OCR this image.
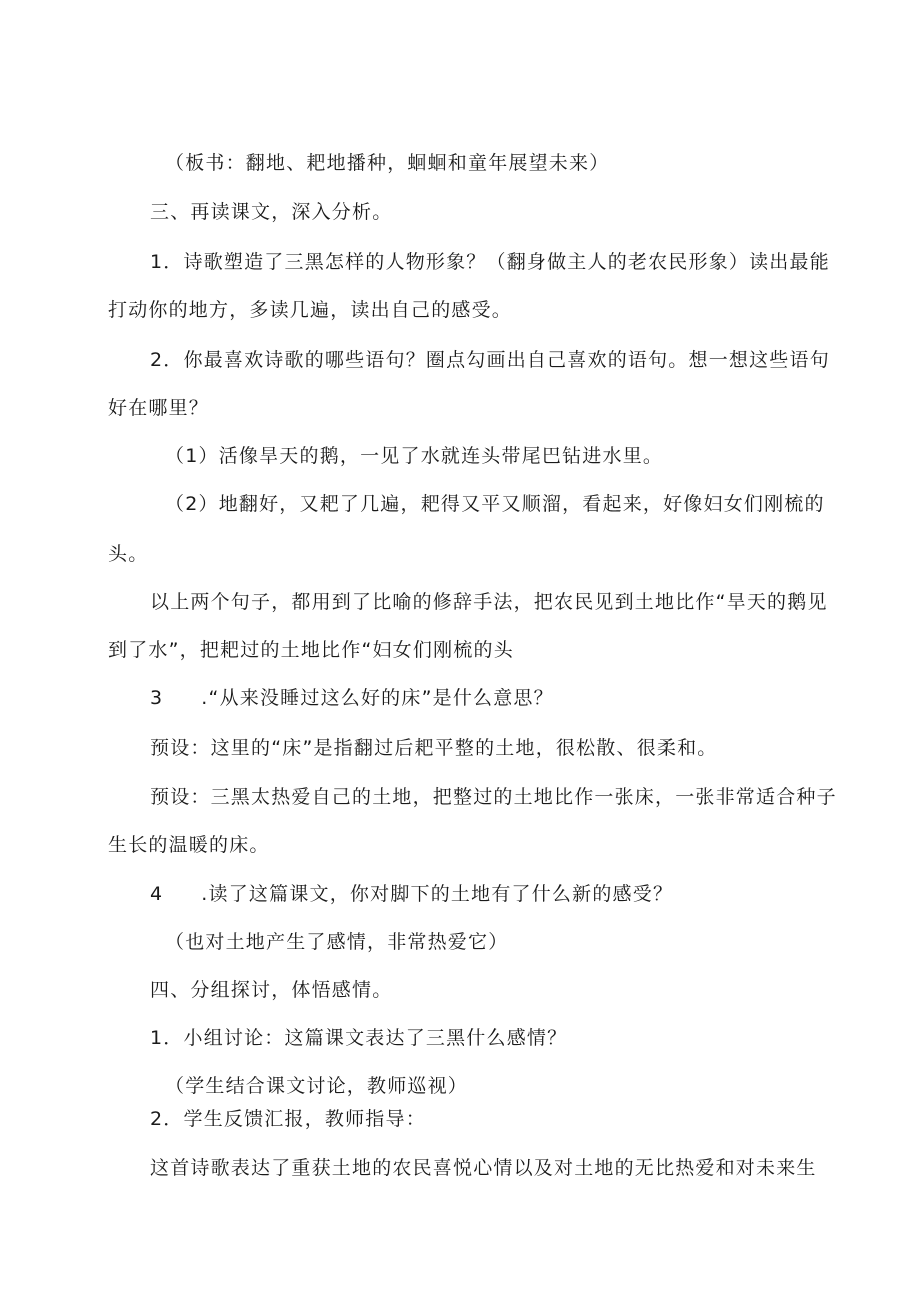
（板书：翻地、耙地播种，蛔蛔和童年展望未来）
三、再读课文，深入分析。
1．诗歌塑造了三黑怎样的人物形象？（翻身做主人的老农民形象）读出最能
打动你的地方，多读几遍，读出自己的感受。
2．你最喜欢诗歌的哪些语句？圈点勾画出自己喜欢的语句。想一想这些语句
好在哪里？
（1）活像旱天的鹅，一见了水就连头带尾巴钻进水里。
（2）地翻好，又耙了几遍，耙得又平又顺溜，看起来，好像妇女们刚梳的
头。
以上两个句子，都用到了比喻的修辞手法，把农民见到土地比作“旱天的鹅见
到了水”，把耙过的土地比作“妇女们刚梳的头
3 .“从来没睡过这么好的床”是什么意思？
预设：这里的“床”是指翻过后耙平整的土地，很松散、很柔和。
预设：三黑太热爱自己的土地，把整过的土地比作一张床，一张非常适合种子
生长的温暖的床。
4 .读了这篇课文，你对脚下的土地有了什么新的感受？
（也对土地产生了感情，非常热爱它）
四、分组探讨，体悟感情。
1．小组讨论：这篇课文表达了三黑什么感情？
（学生结合课文讨论，教师巡视）
2．学生反馈汇报，教师指导：
这首诗歌表达了重获土地的农民喜悦心情以及对土地的无比热爱和对未来生
